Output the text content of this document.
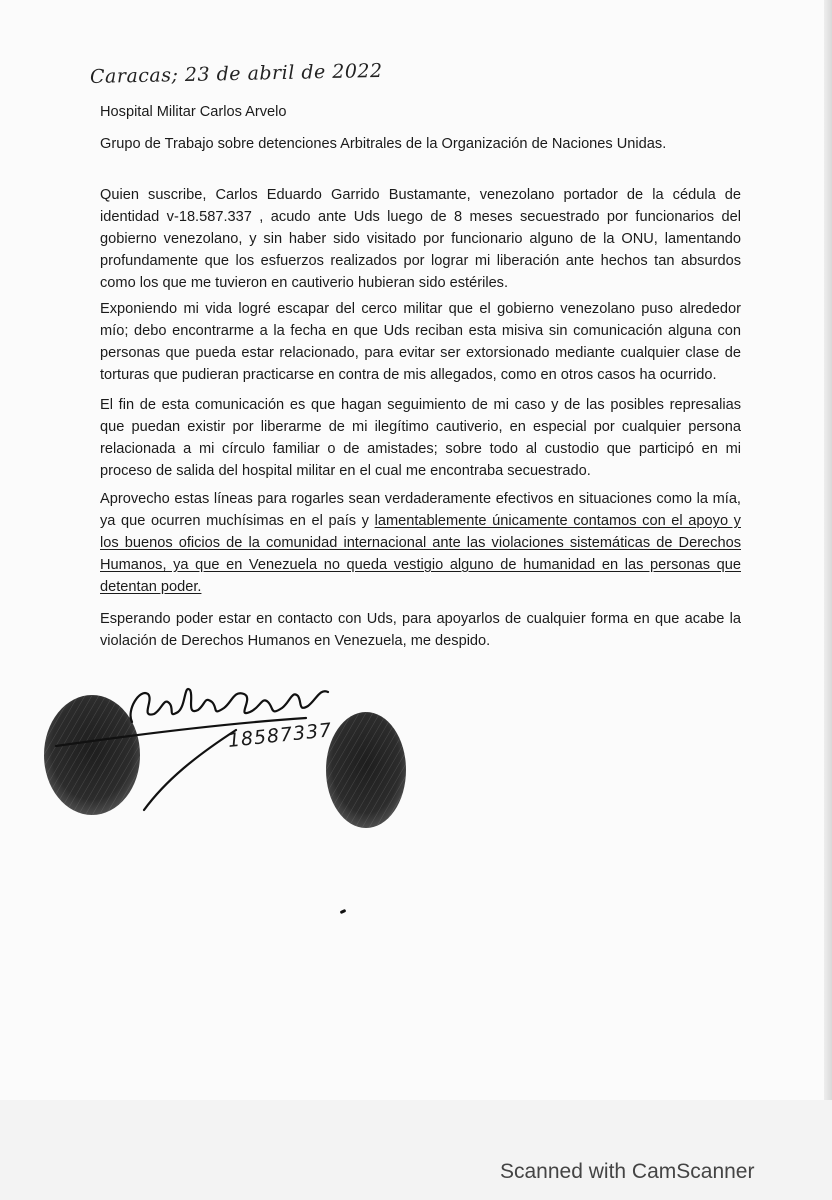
Caracas; 23 de abril de 2022
Hospital Militar Carlos Arvelo
Grupo de Trabajo sobre detenciones Arbitrales de la Organización de Naciones Unidas.

Quien suscribe, Carlos Eduardo Garrido Bustamante, venezolano portador de la cédula de identidad v-18.587.337 , acudo ante Uds luego de 8 meses secuestrado por funcionarios del gobierno venezolano, y sin haber sido visitado por funcionario alguno de la ONU, lamentando profundamente que los esfuerzos realizados por lograr mi liberación ante hechos tan absurdos como los que me tuvieron en cautiverio hubieran sido estériles.

Exponiendo mi vida logré escapar del cerco militar que el gobierno venezolano puso alrededor mío; debo encontrarme a la fecha en que Uds reciban esta misiva sin comunicación alguna con personas que pueda estar relacionado, para evitar ser extorsionado mediante cualquier clase de torturas que pudieran practicarse en contra de mis allegados, como en otros casos ha ocurrido.

El fin de esta comunicación es que hagan seguimiento de mi caso y de las posibles represalias que puedan existir por liberarme de mi ilegítimo cautiverio, en especial por cualquier persona relacionada a mi círculo familiar o de amistades; sobre todo al custodio que participó en mi proceso de salida del hospital militar en el cual me encontraba secuestrado.

Aprovecho estas líneas para rogarles sean verdaderamente efectivos en situaciones como la mía, ya que ocurren muchísimas en el país y lamentablemente únicamente contamos con el apoyo y los buenos oficios de la comunidad internacional ante las violaciones sistemáticas de Derechos Humanos, ya que en Venezuela no queda vestigio alguno de humanidad en las personas que detentan poder.

Esperando poder estar en contacto con Uds, para apoyarlos de cualquier forma en que acabe la violación de Derechos Humanos en Venezuela, me despido.

18587337
Scanned with CamScanner
